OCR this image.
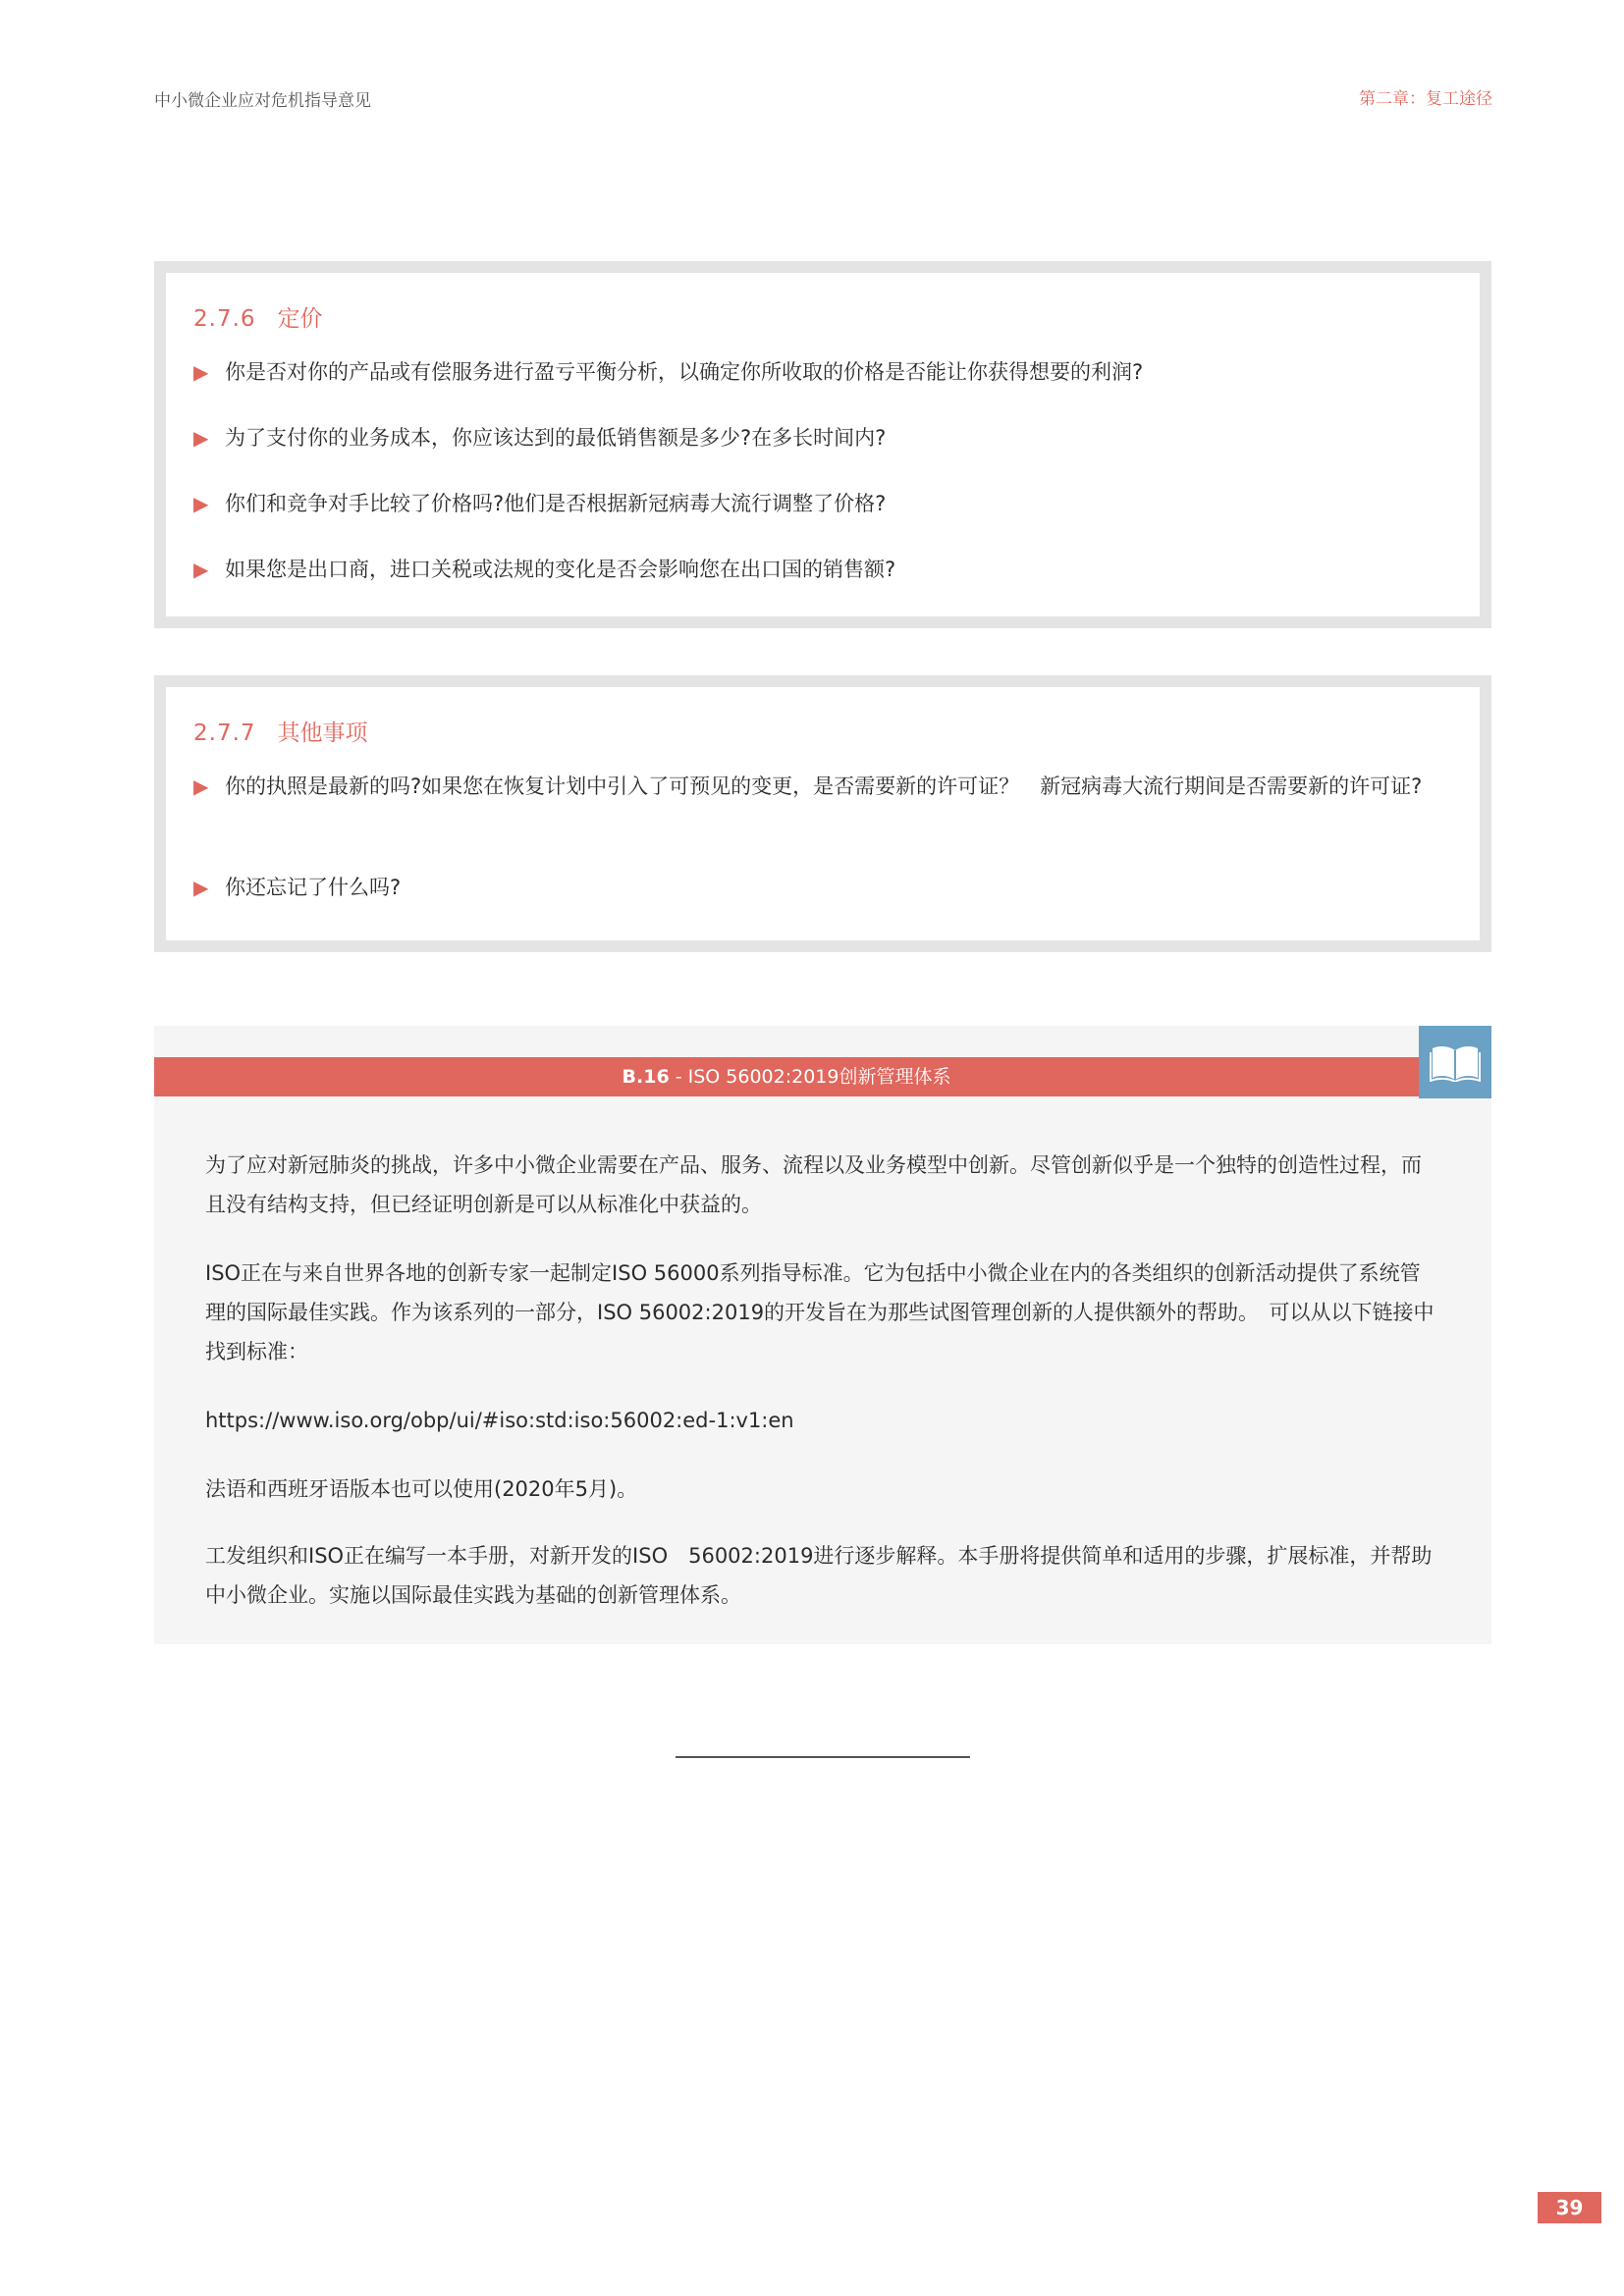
中小微企业应对危机指导意见	第二章：复工途径
2.7.6 定价
▶ 你是否对你的产品或有偿服务进行盈亏平衡分析，以确定你所收取的价格是否能让你获得想要的利润?
▶ 为了支付你的业务成本，你应该达到的最低销售额是多少?在多长时间内?
▶ 你们和竞争对手比较了价格吗?他们是否根据新冠病毒大流行调整了价格?
▶ 如果您是出口商，进口关税或法规的变化是否会影响您在出口国的销售额?
2.7.7 其他事项
▶ 你的执照是最新的吗?如果您在恢复计划中引入了可预见的变更，是否需要新的许可证？　新冠病毒大流行期间是否需要新的许可证?
▶ 你还忘记了什么吗?
B.16 - ISO 56002:2019创新管理体系
为了应对新冠肺炎的挑战，许多中小微企业需要在产品、服务、流程以及业务模型中创新。尽管创新似乎是一个独特的创造性过程，而且没有结构支持，但已经证明创新是可以从标准化中获益的。
ISO正在与来自世界各地的创新专家一起制定ISO 56000系列指导标准。它为包括中小微企业在内的各类组织的创新活动提供了系统管理的国际最佳实践。作为该系列的一部分，ISO 56002:2019的开发旨在为那些试图管理创新的人提供额外的帮助。　可以从以下链接中找到标准：
https://www.iso.org/obp/ui/#iso:std:iso:56002:ed-1:v1:en
法语和西班牙语版本也可以使用(2020年5月)。
工发组织和ISO正在编写一本手册，对新开发的ISO　56002:2019进行逐步解释。本手册将提供简单和适用的步骤，扩展标准，并帮助中小微企业。实施以国际最佳实践为基础的创新管理体系。
39
